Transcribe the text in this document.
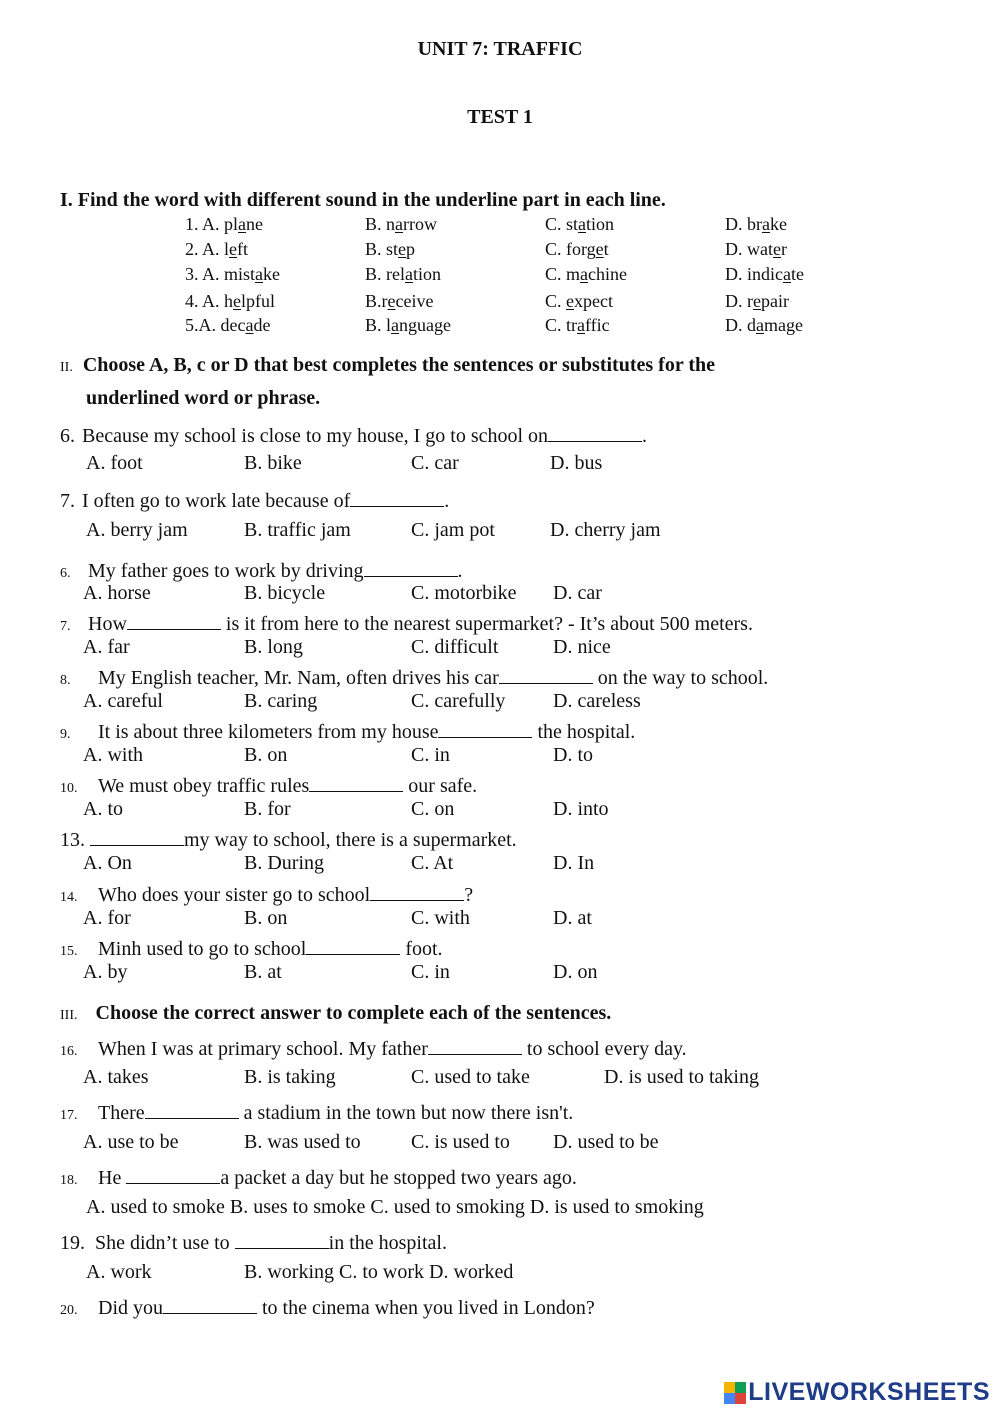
UNIT 7: TRAFFIC
TEST 1
I. Find the word with different sound in the underline part in each line.
1. A. plane	B. narrow	C. station	D. brake
2. A. left	B. step	C. forget	D. water
3. A. mistake	B. relation	C. machine	D. indicate
4. A. helpful	B.receive	C. expect	D. repair
5.A. decade	B. language	C. traffic	D. damage
II. Choose A, B, c or D that best completes the sentences or substitutes for the
underlined word or phrase.
III. Choose the correct answer to complete each of the sentences.
6. Because my school is close to my house, I go to school on	.
A. foot	B. bike	C. car	D. bus
7. I often go to work late because of	.
A. berry jam	B. traffic jam	C. jam pot	D. cherry jam
6. My father goes to work by driving	.
A. horse	B. bicycle	C. motorbike D. car
7. How	is it from here to the nearest supermarket? - It’s about 500 meters.
A. far	B. long	C. difficult	D. nice
8. My English teacher, Mr. Nam, often drives his car	on the way to school.
A. careful	B. caring	C. carefully D. careless
9. It is about three kilometers from my house	the hospital.
A. with	B. on	C. in	D. to
10. We must obey traffic rules	our safe.
A. to	B. for	C. on	D. into
13.	my way to school, there is a supermarket.
A. On	B. During	C. At	D. In
14. Who does your sister go to school	?
A. for	B. on	C. with	D. at
15. Minh used to go to school	foot.
A. by	B. at	C. in	D. on
16. When I was at primary school. My father	to school every day.
A. takes	B. is taking	C. used to take	D. is used to taking
17. There	a stadium in the town but now there isn't.
A. use to be	B. was used to	C. is used to D. used to be
18. He	a packet a day but he stopped two years ago.
A. used to smoke B. uses to smoke C. used to smoking D. is used to smoking
19. She didn’t use to	in the hospital.
A. work	B. working C. to work D. worked
20. Did you	to the cinema when you lived in London?
LIVEWORKSHEETS
